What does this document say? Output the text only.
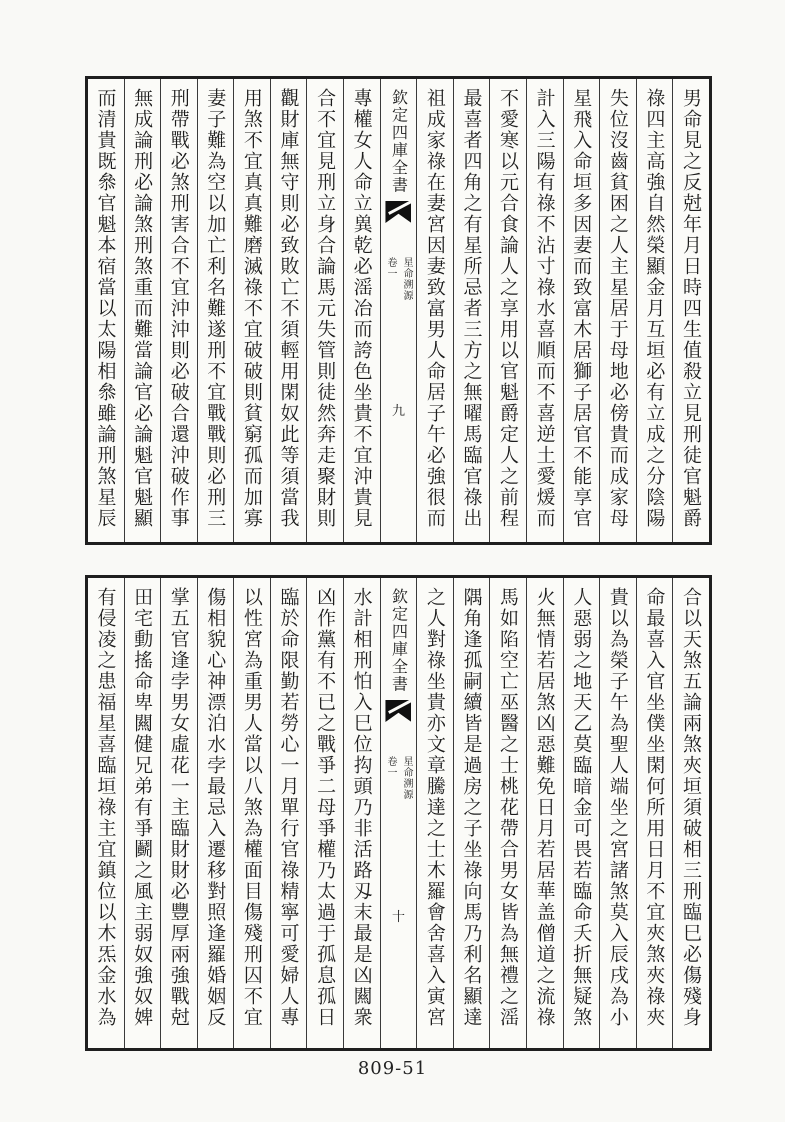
男命見之反尅年月日時四生值殺立見刑徒官魁爵
祿四主高強自然榮顯金月互垣必有立成之分陰陽
失位沒齒貧困之人主星居于母地必傍貴而成家母
星飛入命垣多因妻而致富木居獅子居官不能享官
計入三陽有祿不沾寸祿水喜順而不喜逆土愛煖而
不愛寒以元合食論人之享用以官魁爵定人之前程
最喜者四角之有星所忌者三方之無曜馬臨官祿出
祖成家祿在妻宮因妻致富男人命居子午必強很而
欽定四庫全書
星命溯源
卷一
九
專權女人命立兾乾必滛冶而誇色坐貴不宜沖貴見
合不宜見刑立身合論馬元失管則徒然奔走聚財則
觀財庫無守則必致敗亡不須輕用閑奴此等須當我
用煞不宜真真難磨滅祿不宜破破則貧窮孤而加寡
妻子難為空以加亡利名難遂刑不宜戰戰則必刑三
刑帶戰必煞刑害合不宜沖沖則必破合還沖破作事
無成論刑必論煞刑煞重而難當論官必論魁官魁顯
而清貴既叅官魁本宿當以太陽相叅雖論刑煞星辰
合以天煞五論兩煞夾垣須破相三刑臨巳必傷殘身
命最喜入官坐僕坐閑何所用日月不宜夾煞夾祿夾
貴以為榮子午為聖人端坐之宮諸煞莫入辰戌為小
人惡弱之地天乙莫臨暗金可畏若臨命夭折無疑煞
火無情若居煞凶惡難免日月若居華盖僧道之流祿
馬如陷空亡巫醫之士桃花帶合男女皆為無禮之滛
隅角逢孤嗣續皆是過房之子坐祿向馬乃利名顯達
之人對祿坐貴亦文章騰達之士木羅會舍喜入寅宮
欽定四庫全書
星命溯源
卷一
十
水計相刑怕入巳位抅頭乃非活路刄末最是凶闗衆
凶作黨有不已之戰爭二母爭權乃太過于孤息孤日
臨於命限勤若勞心一月單行官祿精寧可愛婦人專
以性宮為重男人當以八煞為權面目傷殘刑囚不宜
傷相貌心神漂泊水孛最忌入遷移對照逢羅婚姻反
掌五官逢孛男女虛花一主臨財財必豐厚兩強戰尅
田宅動搖命卑闗健兄弟有爭鬬之風主弱奴強奴婢
有侵凌之患福星喜臨垣祿主宜鎮位以木炁金水為
809-51
